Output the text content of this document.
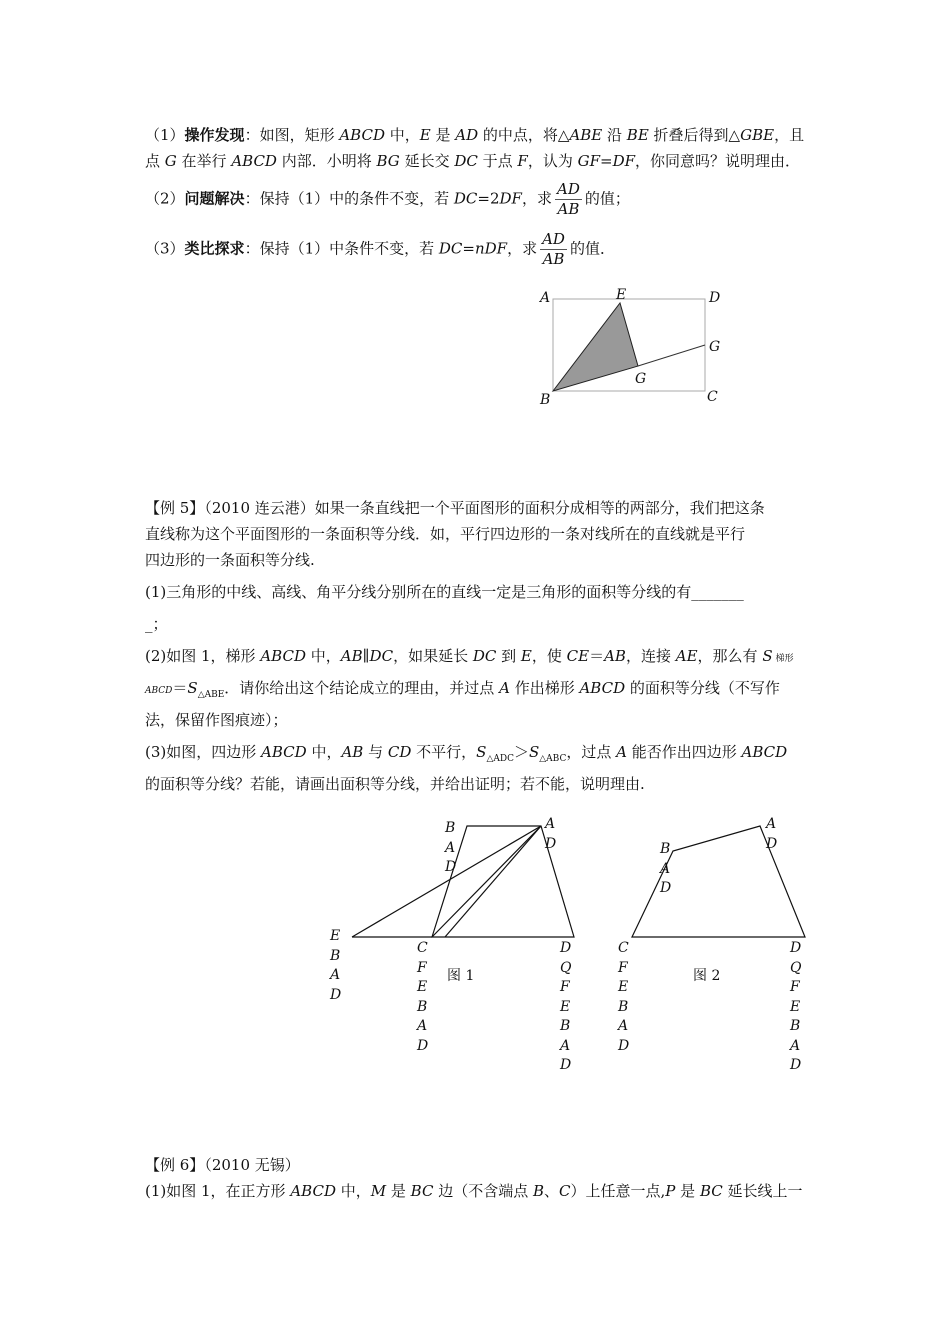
（1）操作发现：如图，矩形 ABCD 中，E 是 AD 的中点，将△ABE 沿 BE 折叠后得到△GBE，且
点 G 在举行 ABCD 内部．小明将 BG 延长交 DC 于点 F，认为 GF=DF，你同意吗？说明理由．
（2）问题解决：保持（1）中的条件不变，若 DC=2DF，求 $\frac{AD}{AB}$ 的值；
（3）类比探求：保持（1）中条件不变，若 DC=nDF，求 $\frac{AD}{AB}$ 的值．
A	E	D
G
G
B	C
【例 5】（2010 连云港）如果一条直线把一个平面图形的面积分成相等的两部分，我们把这条
直线称为这个平面图形的一条面积等分线．如，平行四边形的一条对线所在的直线就是平行
四边形的一条面积等分线.
(1)三角形的中线、高线、角平分线分别所在的直线一定是三角形的面积等分线的有_______
_；
(2)如图 1，梯形 ABCD 中，AB∥DC，如果延长 DC 到 E，使 CE＝AB，连接 AE，那么有 S 梯形
$ABCD=S_{\triangle ABE}$．请你给出这个结论成立的理由，并过点 A 作出梯形 ABCD 的面积等分线（不写作
法，保留作图痕迹）；
(3)如图，四边形 ABCD 中，AB 与 CD 不平行，$S_{\triangle ADC}>S_{\triangle ABC}$，过点 A 能否作出四边形 ABCD
的面积等分线？若能，请画出面积等分线，并给出证明；若不能，说明理由.
B
A
D
A
D
E
B
A
D
C
F
E
B
A
D
D
Q
F
E
B
A
D
B
A
D
A
D
C
F
E
B
A
D
D
Q
F
E
B
A
D
图 1	图 2
【例 6】（2010 无锡）
(1)如图 1，在正方形 ABCD 中，M 是 BC 边（不含端点 B、C）上任意一点,P 是 BC 延长线上一
